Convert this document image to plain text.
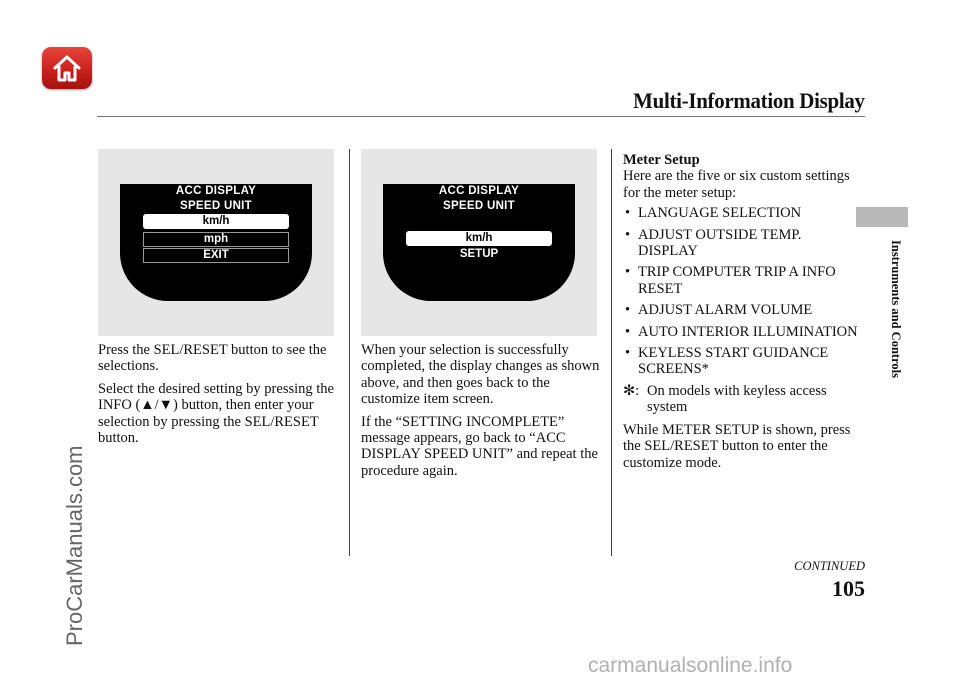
Multi-Information Display
Instruments and Controls
ProCarManuals.com
carmanualsonline.info
ACC DISPLAY
SPEED UNIT
km/h
mph
EXIT
ACC DISPLAY
SPEED UNIT
km/h
SETUP

Press the SEL/RESET button to see the selections.

Select the desired setting by pressing the INFO (▲/▼) button, then enter your selection by pressing the SEL/RESET button.

When your selection is successfully completed, the display changes as shown above, and then goes back to the customize item screen.

If the “SETTING INCOMPLETE” message appears, go back to “ACC DISPLAY SPEED UNIT” and repeat the procedure again.

Meter Setup
Here are the five or six custom settings for the meter setup:
• LANGUAGE SELECTION
• ADJUST OUTSIDE TEMP. DISPLAY
• TRIP COMPUTER TRIP A INFO RESET
• ADJUST ALARM VOLUME
• AUTO INTERIOR ILLUMINATION
• KEYLESS START GUIDANCE SCREENS*
✻: On models with keyless access system
While METER SETUP is shown, press the SEL/RESET button to enter the customize mode.
CONTINUED
105
